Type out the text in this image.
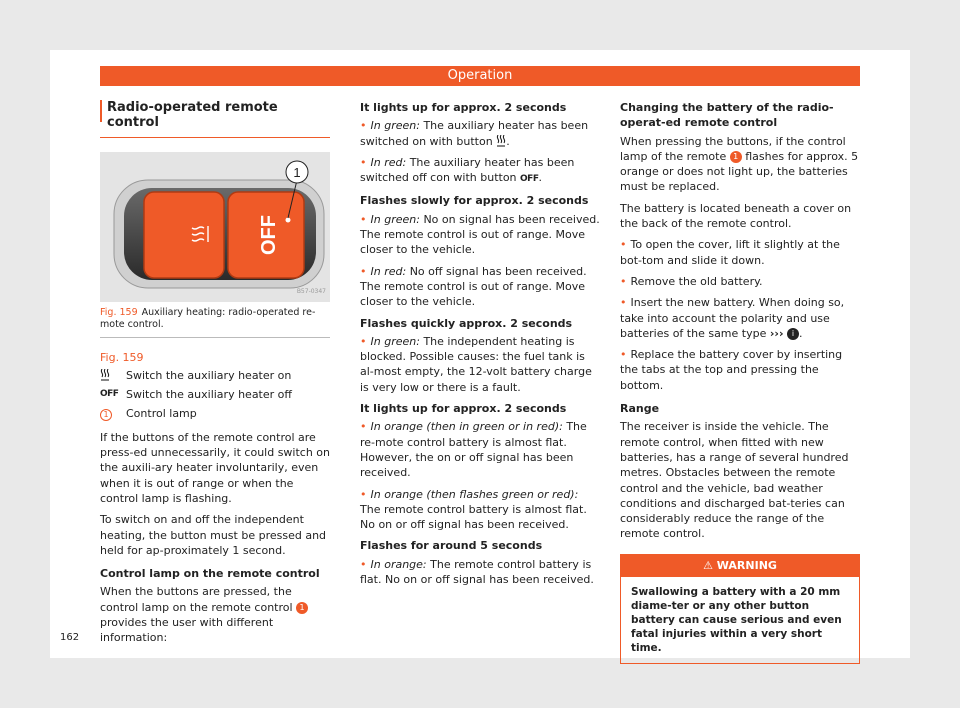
Operation
Radio-operated remote control
OFF
1
B57-0347
Fig. 159 Auxiliary heating: radio-operated re-mote control.
Fig. 159
Switch the auxiliary heater on
OFF Switch the auxiliary heater off
1	Control lamp

If the buttons of the remote control are press-ed unnecessarily, it could switch on the auxili-ary heater involuntarily, even when it is out of range or when the control lamp is flashing.

To switch on and off the independent heating, the button must be pressed and held for ap-proximately 1 second.

Control lamp on the remote control

When the buttons are pressed, the control lamp on the remote control 1 provides the user with different information:

It lights up for approx. 2 seconds

• In green: The auxiliary heater has been switched on with button .

• In red: The auxiliary heater has been switched off con with button OFF.

Flashes slowly for approx. 2 seconds

• In green: No on signal has been received. The remote control is out of range. Move closer to the vehicle.

• In red: No off signal has been received. The remote control is out of range. Move closer to the vehicle.

Flashes quickly approx. 2 seconds

• In green: The independent heating is blocked. Possible causes: the fuel tank is al-most empty, the 12-volt battery charge is very low or there is a fault.

It lights up for approx. 2 seconds

• In orange (then in green or in red): The re-mote control battery is almost flat. However, the on or off signal has been received.

• In orange (then flashes green or red): The remote control battery is almost flat. No on or off signal has been received.

Flashes for around 5 seconds

• In orange: The remote control battery is flat. No on or off signal has been received.

Changing the battery of the radio-operat-ed remote control

When pressing the buttons, if the control lamp of the remote 1 flashes for approx. 5 orange or does not light up, the batteries must be replaced.

The battery is located beneath a cover on the back of the remote control.

• To open the cover, lift it slightly at the bot-tom and slide it down.

• Remove the old battery.

• Insert the new battery. When doing so, take into account the polarity and use batteries of the same type ››› i .

• Replace the battery cover by inserting the tabs at the top and pressing the bottom.

Range

The receiver is inside the vehicle. The remote control, when fitted with new batteries, has a range of several hundred metres. Obstacles between the remote control and the vehicle, bad weather conditions and discharged bat-teries can considerably reduce the range of the remote control.

⚠ WARNING
Swallowing a battery with a 20 mm diame-ter or any other button battery can cause serious and even fatal injuries within a very short time.
162
